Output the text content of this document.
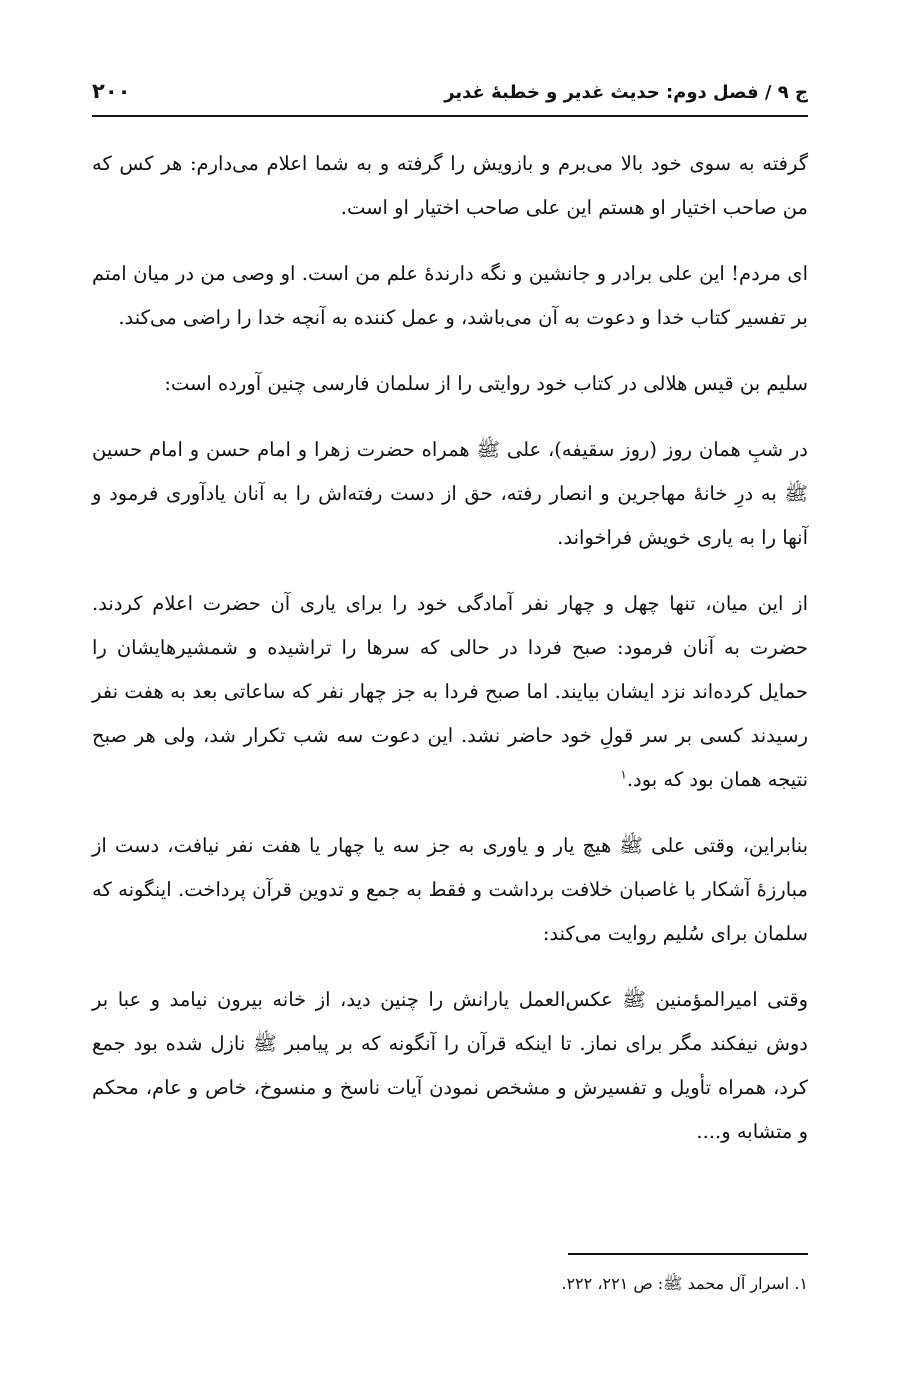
ج ۹ / فصل دوم: حدیث غدیر و خطبهٔ غدیر
۲۰۰

گرفته به سوی خود بالا می‌برم و بازویش را گرفته و به شما اعلام می‌دارم: هر کس که من صاحب اختیار او هستم این علی صاحب اختیار او است.

ای مردم! این علی برادر و جانشین و نگه دارندهٔ علم من است. او وصی من در میان امتم بر تفسیر کتاب خدا و دعوت به آن می‌باشد، و عمل کننده به آنچه خدا را راضی می‌کند.

سلیم بن قیس هلالی در کتاب خود روایتی را از سلمان فارسی چنین آورده است:

در شبِ همان روز (روز سقیفه)، علی ﷺ همراه حضرت زهرا و امام حسن و امام حسین ﷺ به درِ خانهٔ مهاجرین و انصار رفته، حق از دست رفته‌اش را به آنان یادآوری فرمود و آنها را به یاری خویش فراخواند.

از این میان، تنها چهل و چهار نفر آمادگی خود را برای یاری آن حضرت اعلام کردند. حضرت به آنان فرمود: صبح فردا در حالی که سرها را تراشیده و شمشیرهایشان را حمایل کرده‌اند نزد ایشان بیایند. اما صبح فردا به جز چهار نفر که ساعاتی بعد به هفت نفر رسیدند کسی بر سر قولِ خود حاضر نشد. این دعوت سه شب تکرار شد، ولی هر صبح نتیجه همان بود که بود.$^۱$

بنابراین، وقتی علی ﷺ هیچ یار و یاوری به جز سه یا چهار یا هفت نفر نیافت، دست از مبارزهٔ آشکار با غاصبان خلافت برداشت و فقط به جمع و تدوین قرآن پرداخت. اینگونه که سلمان برای سُلیم روایت می‌کند:

وقتی امیرالمؤمنین ﷺ عکس‌العمل یارانش را چنین دید، از خانه بیرون نیامد و عبا بر دوش نیفکند مگر برای نماز. تا اینکه قرآن را آنگونه که بر پیامبر ﷺ نازل شده بود جمع کرد، همراه تأویل و تفسیرش و مشخص نمودن آیات ناسخ و منسوخ، خاص و عام، محکم و متشابه و....

۱. اسرار آل محمد ﷺ: ص ۲۲۱، ۲۲۲.
